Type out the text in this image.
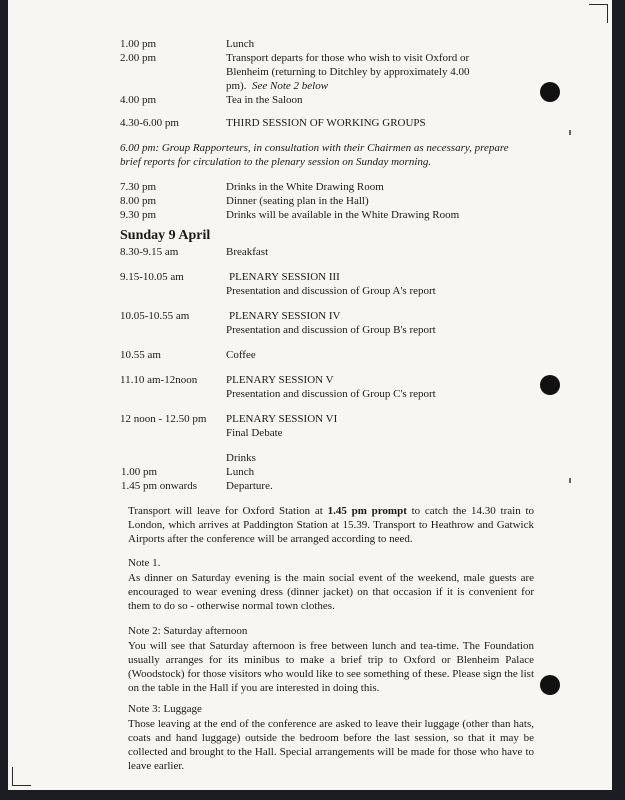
1.00 pm	Lunch
2.00 pm	Transport departs for those who wish to visit Oxford or
Blenheim (returning to Ditchley by approximately 4.00
pm). See Note 2 below
4.00 pm	Tea in the Saloon
4.30-6.00 pm	THIRD SESSION OF WORKING GROUPS
6.00 pm: Group Rapporteurs, in consultation with their Chairmen as necessary, prepare
brief reports for circulation to the plenary session on Sunday morning.
7.30 pm	Drinks in the White Drawing Room
8.00 pm	Dinner (seating plan in the Hall)
9.30 pm	Drinks will be available in the White Drawing Room
Sunday 9 April
8.30-9.15 am	Breakfast
9.15-10.05 am	PLENARY SESSION III
Presentation and discussion of Group A's report
10.05-10.55 am	PLENARY SESSION IV
Presentation and discussion of Group B's report
10.55 am	Coffee
11.10 am-12noon	PLENARY SESSION V
Presentation and discussion of Group C's report
12 noon - 12.50 pm PLENARY SESSION VI
Final Debate
Drinks
1.00 pm	Lunch
1.45 pm onwards	Departure.
Transport will leave for Oxford Station at 1.45 pm prompt to catch the 14.30 train to London, which arrives at Paddington Station at 15.39. Transport to Heathrow and Gatwick Airports after the conference will be arranged according to need.
Note 1.
As dinner on Saturday evening is the main social event of the weekend, male guests are encouraged to wear evening dress (dinner jacket) on that occasion if it is convenient for them to do so - otherwise normal town clothes.
Note 2: Saturday afternoon
You will see that Saturday afternoon is free between lunch and tea-time. The Foundation usually arranges for its minibus to make a brief trip to Oxford or Blenheim Palace (Woodstock) for those visitors who would like to see something of these. Please sign the list on the table in the Hall if you are interested in doing this.
Note 3: Luggage
Those leaving at the end of the conference are asked to leave their luggage (other than hats, coats and hand luggage) outside the bedroom before the last session, so that it may be collected and brought to the Hall. Special arrangements will be made for those who have to leave earlier.
